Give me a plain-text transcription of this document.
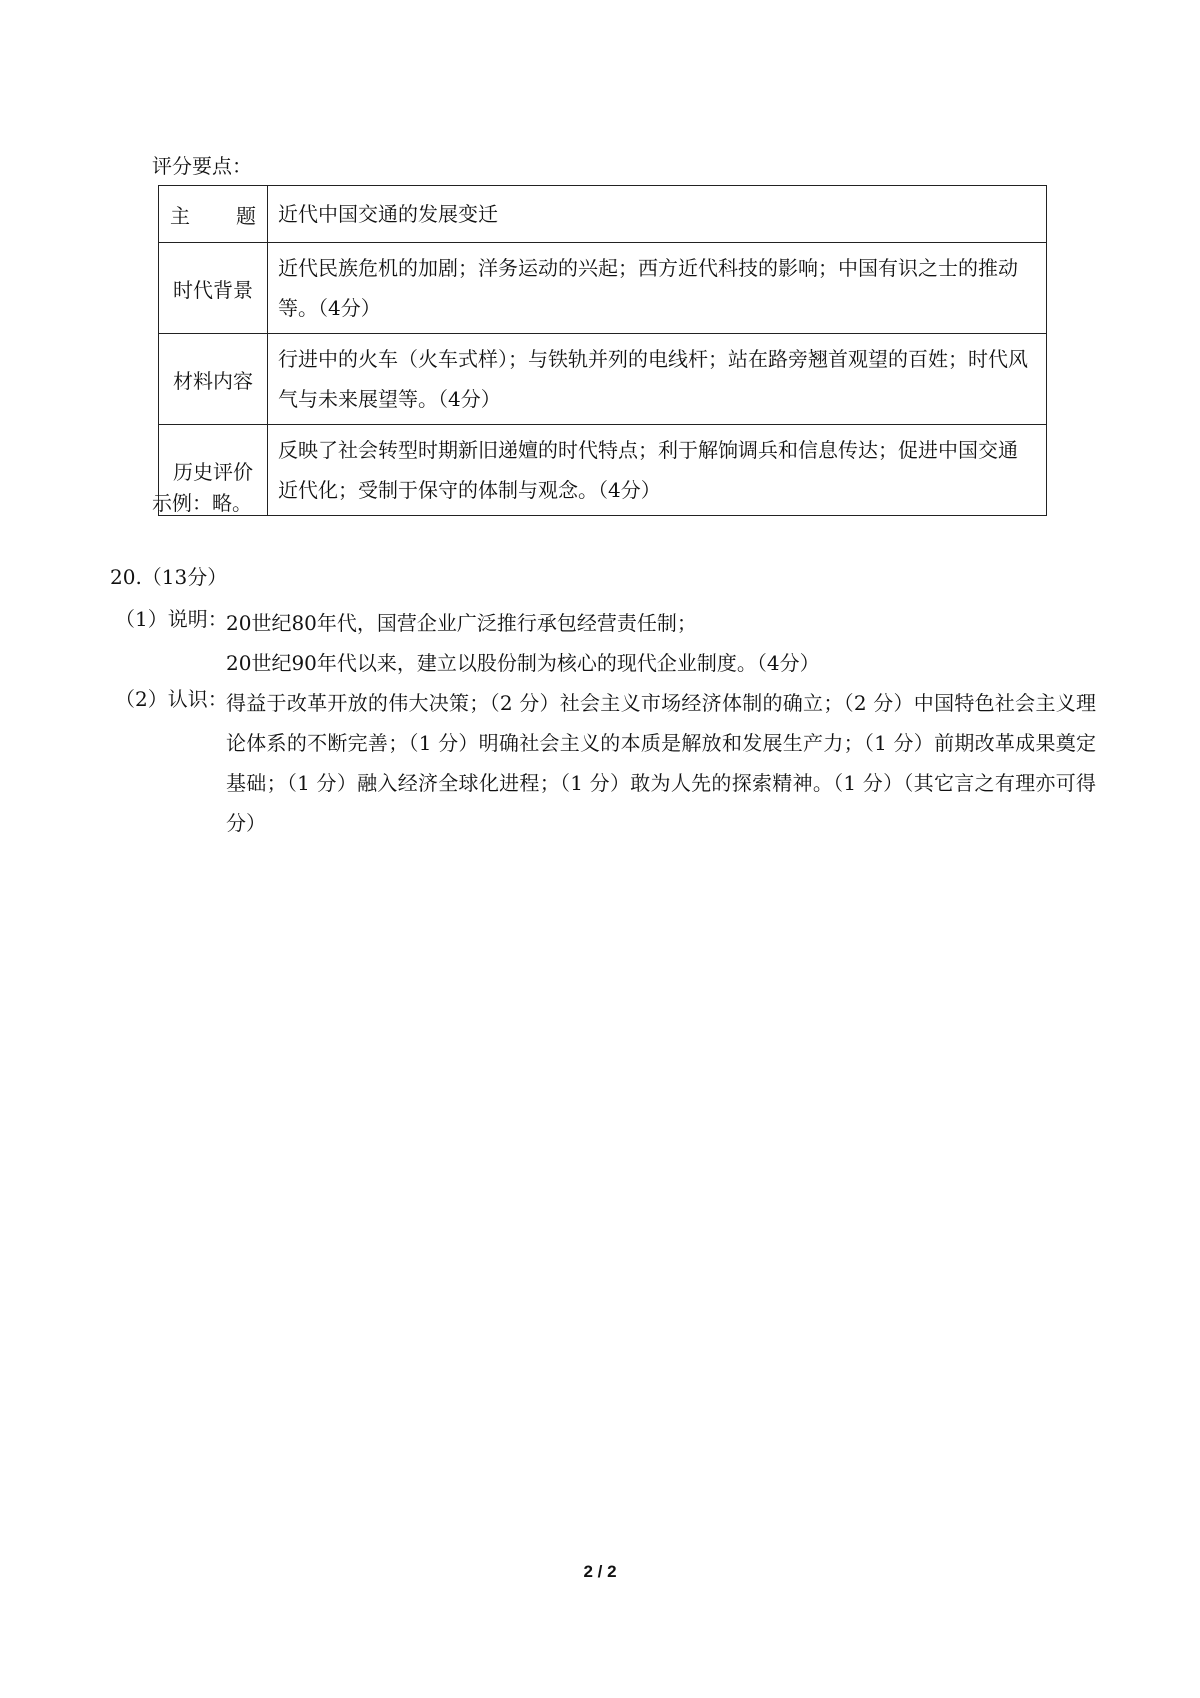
评分要点：
主 题	近代中国交通的发展变迁
时代背景	近代民族危机的加剧；洋务运动的兴起；西方近代科技的影响；中国有识之士的推动等。（4分）
材料内容	行进中的火车（火车式样）；与铁轨并列的电线杆；站在路旁翘首观望的百姓；时代风气与未来展望等。（4分）
历史评价	反映了社会转型时期新旧递嬗的时代特点；利于解饷调兵和信息传达；促进中国交通近代化；受制于保守的体制与观念。（4分）
示例：略。
20.（13分）
（1）说明：
20世纪80年代，国营企业广泛推行承包经营责任制；
20世纪90年代以来，建立以股份制为核心的现代企业制度。（4分）
（2）认识：
得益于改革开放的伟大决策；（2 分）社会主义市场经济体制的确立；（2 分）中国特色社会主义理论体系的不断完善；（1 分）明确社会主义的本质是解放和发展生产力；（1 分）前期改革成果奠定基础；（1 分）融入经济全球化进程；（1 分）敢为人先的探索精神。（1 分）（其它言之有理亦可得分）
2 / 2
